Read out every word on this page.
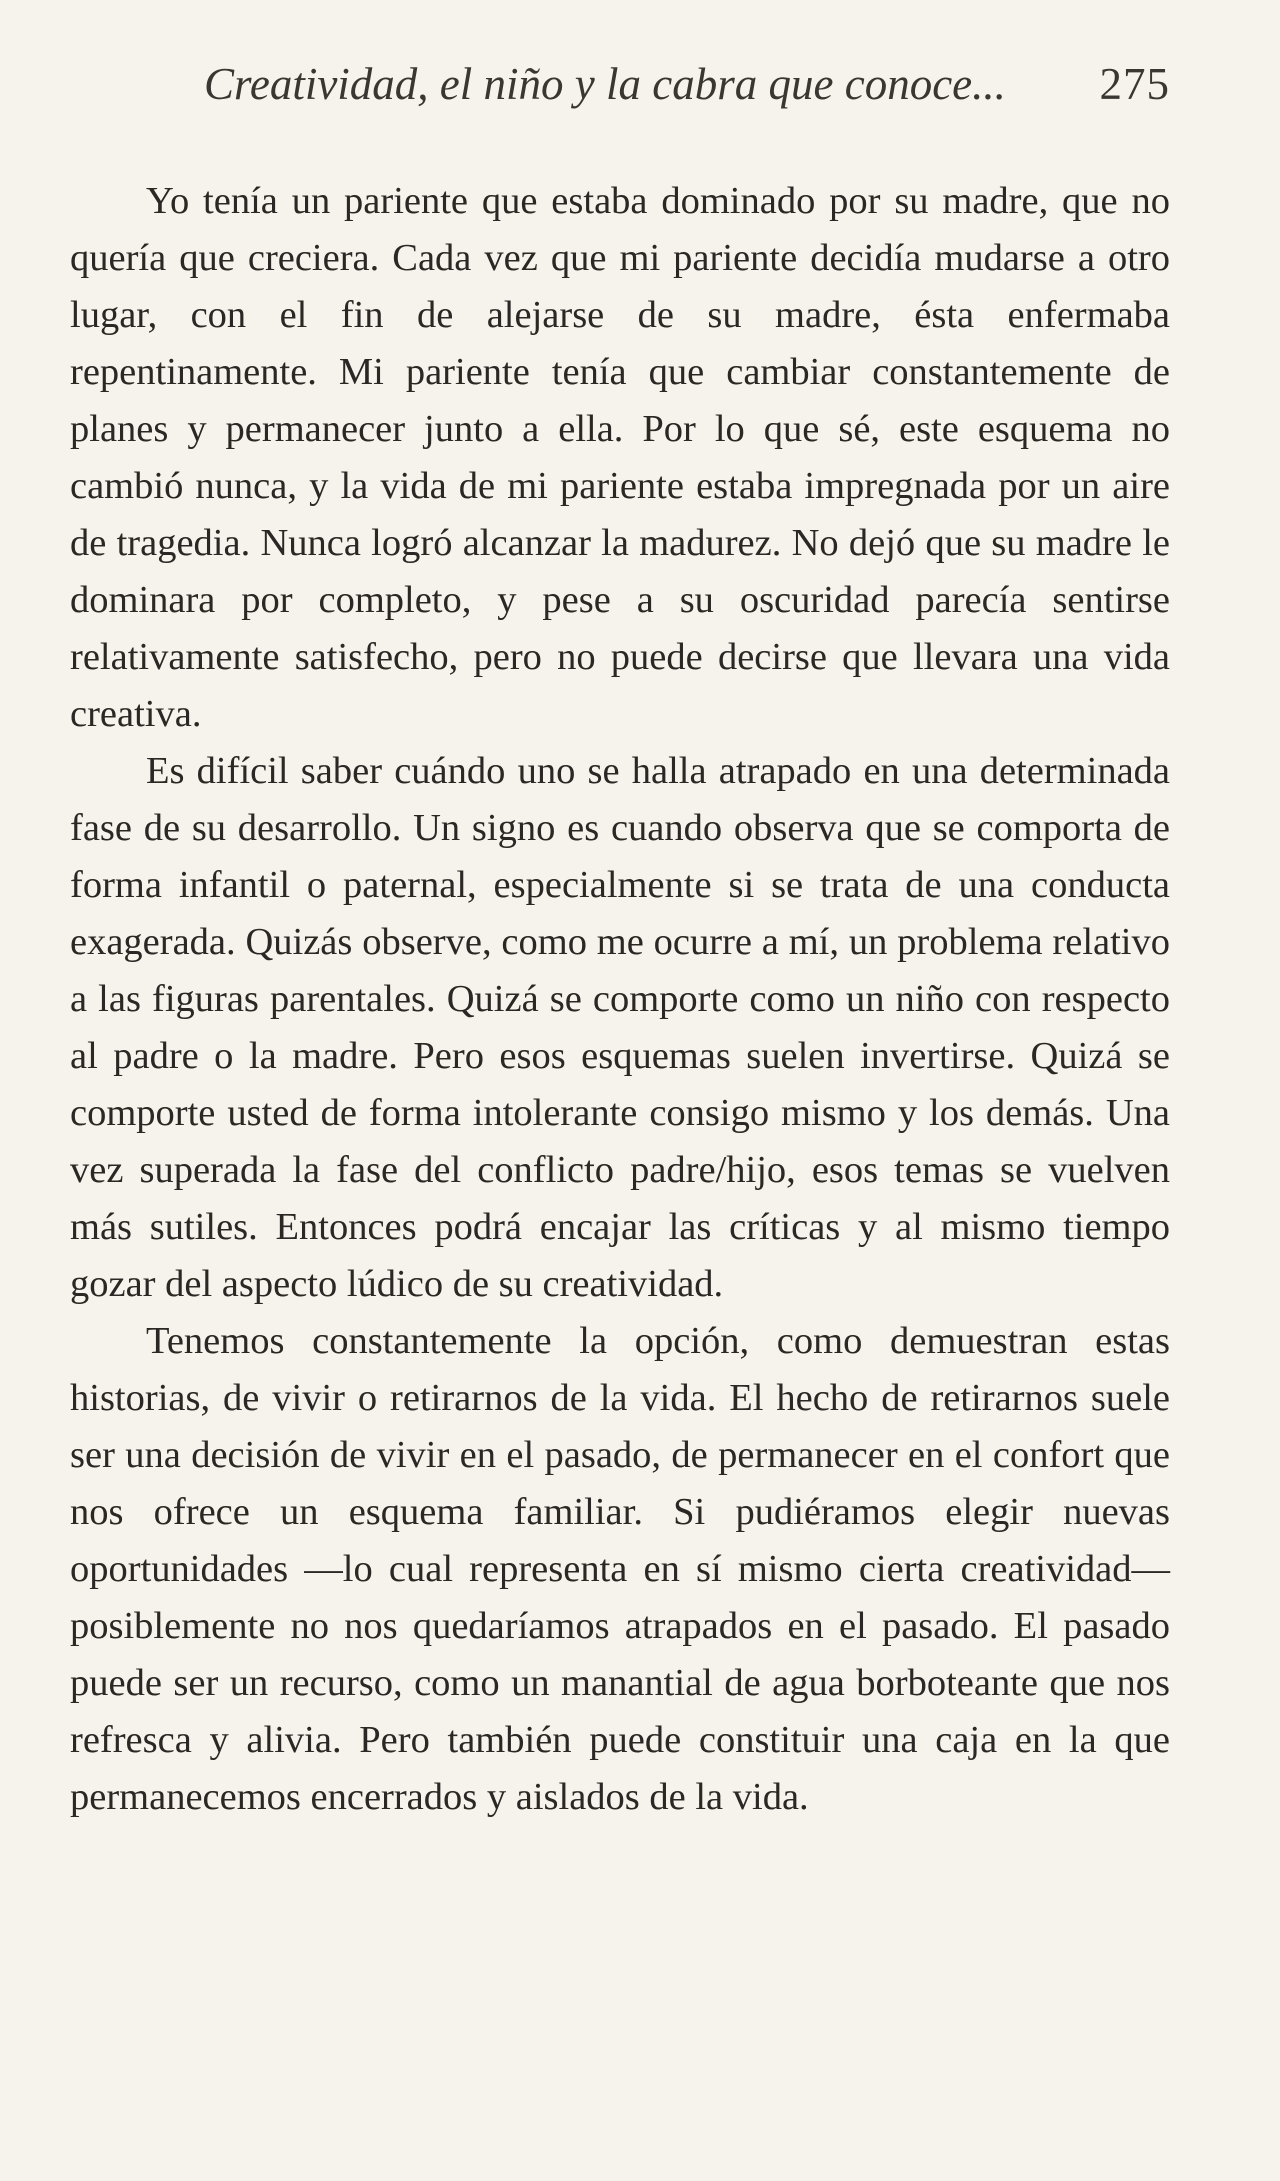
Creatividad, el niño y la cabra que conoce... 275

Yo tenía un pariente que estaba dominado por su madre, que no quería que creciera. Cada vez que mi pariente decidía mudarse a otro lugar, con el fin de alejarse de su madre, ésta enfermaba repentinamente. Mi pariente tenía que cambiar constantemente de planes y permanecer junto a ella. Por lo que sé, este esquema no cambió nunca, y la vida de mi pariente estaba impregnada por un aire de tragedia. Nunca logró alcanzar la madurez. No dejó que su madre le dominara por completo, y pese a su oscuridad parecía sentirse relativamente satisfecho, pero no puede decirse que llevara una vida creativa.

Es difícil saber cuándo uno se halla atrapado en una determinada fase de su desarrollo. Un signo es cuando observa que se comporta de forma infantil o paternal, especialmente si se trata de una conducta exagerada. Quizás observe, como me ocurre a mí, un problema relativo a las figuras parentales. Quizá se comporte como un niño con respecto al padre o la madre. Pero esos esquemas suelen invertirse. Quizá se comporte usted de forma intolerante consigo mismo y los demás. Una vez superada la fase del conflicto padre/hijo, esos temas se vuelven más sutiles. Entonces podrá encajar las críticas y al mismo tiempo gozar del aspecto lúdico de su creatividad.

Tenemos constantemente la opción, como demuestran estas historias, de vivir o retirarnos de la vida. El hecho de retirarnos suele ser una decisión de vivir en el pasado, de permanecer en el confort que nos ofrece un esquema familiar. Si pudiéramos elegir nuevas oportunidades —lo cual representa en sí mismo cierta creatividad— posiblemente no nos quedaríamos atrapados en el pasado. El pasado puede ser un recurso, como un manantial de agua borboteante que nos refresca y alivia. Pero también puede constituir una caja en la que permanecemos encerrados y aislados de la vida.
